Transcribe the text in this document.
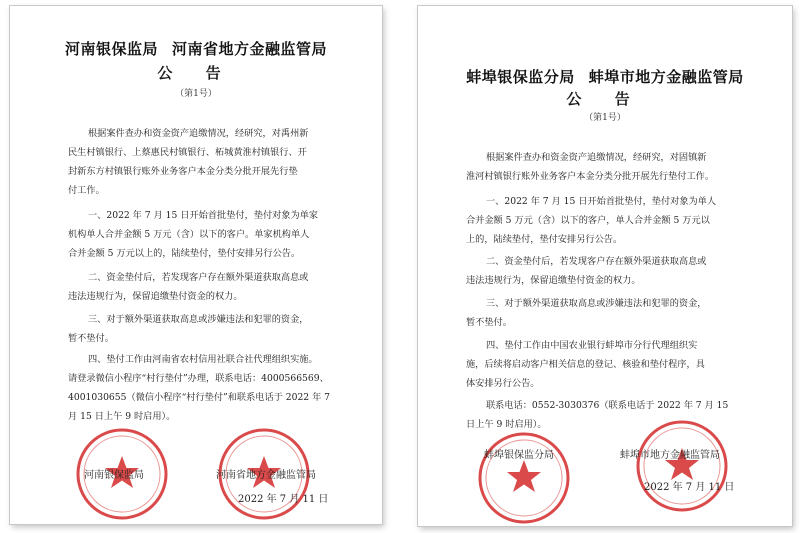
河南银保监局 河南省地方金融监管局
公 告
（第1号）
根据案件查办和资金资产追缴情况，经研究，对禹州新
民生村镇银行、上蔡惠民村镇银行、柘城黄淮村镇银行、开
封新东方村镇银行账外业务客户本金分类分批开展先行垫
付工作。
一、2022 年 7 月 15 日开始首批垫付，垫付对象为单家
机构单人合并金额 5 万元（含）以下的客户。单家机构单人
合并金额 5 万元以上的，陆续垫付，垫付安排另行公告。
二、资金垫付后，若发现客户存在额外渠道获取高息或
违法违规行为，保留追缴垫付资金的权力。
三、对于额外渠道获取高息或涉嫌违法和犯罪的资金，
暂不垫付。
四、垫付工作由河南省农村信用社联合社代理组织实施。
请登录微信小程序“村行垫付”办理，联系电话：4000566569、
4001030655（微信小程序“村行垫付”和联系电话于 2022 年 7
月 15 日上午 9 时启用）。
河南银保监局	河南省地方金融监管局
2022 年 7 月 11 日
蚌埠银保监分局 蚌埠市地方金融监管局
公 告
（第1号）
根据案件查办和资金资产追缴情况，经研究，对固镇新
淮河村镇银行账外业务客户本金分类分批开展先行垫付工作。
一、2022 年 7 月 15 日开始首批垫付，垫付对象为单人
合并金额 5 万元（含）以下的客户，单人合并金额 5 万元以
上的，陆续垫付，垫付安排另行公告。
二、资金垫付后，若发现客户存在额外渠道获取高息或
违法违规行为，保留追缴垫付资金的权力。
三、对于额外渠道获取高息或涉嫌违法和犯罪的资金，
暂不垫付。
四、垫付工作由中国农业银行蚌埠市分行代理组织实
施，后续将启动客户相关信息的登记、核验和垫付程序，具
体安排另行公告。
联系电话：0552-3030376（联系电话于 2022 年 7 月 15
日上午 9 时启用）。
蚌埠银保监分局	蚌埠市地方金融监管局
2022 年 7 月 11 日
